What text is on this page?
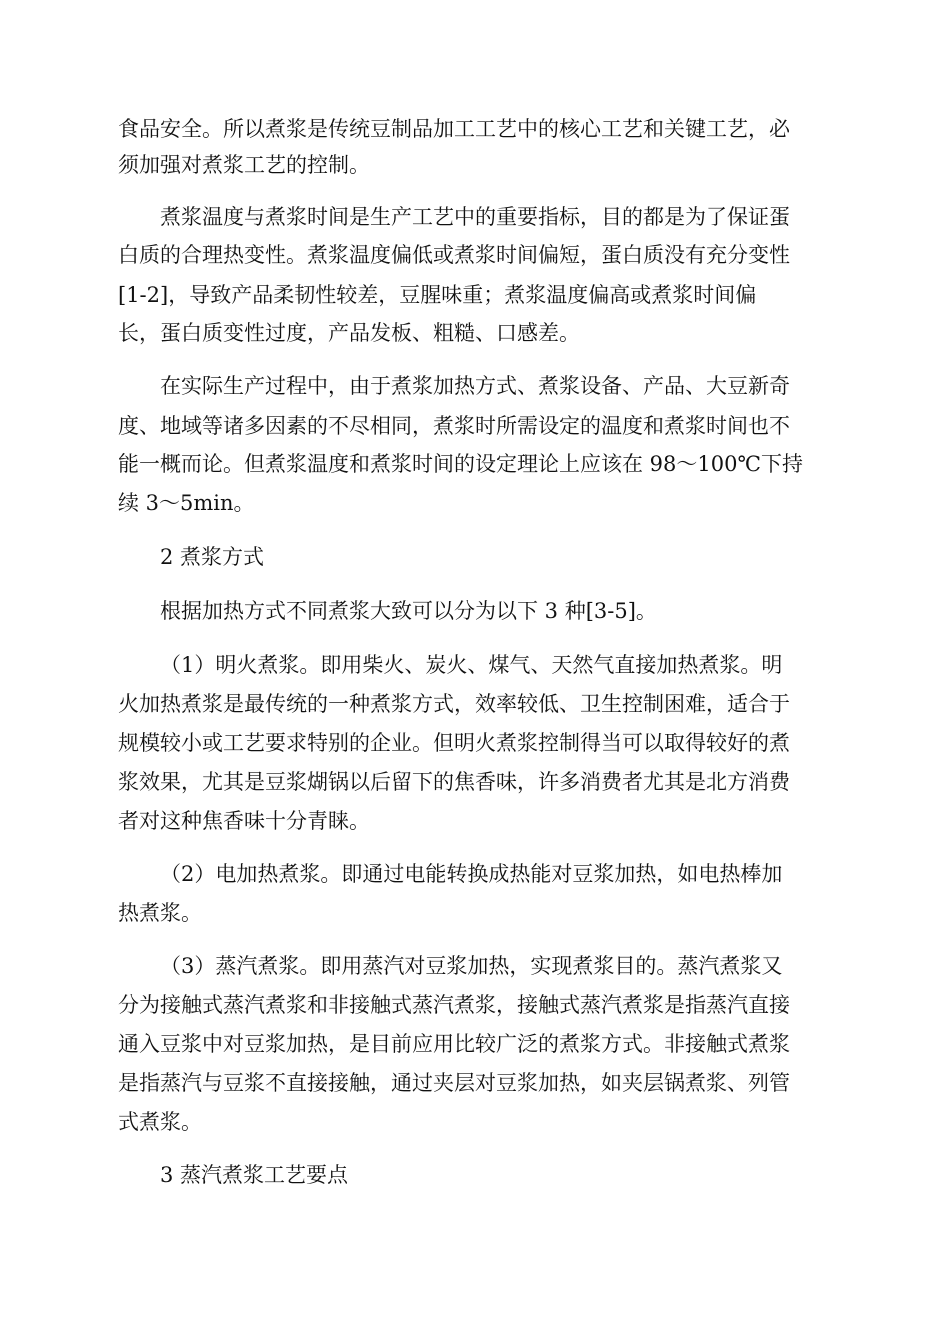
食品安全。所以煮浆是传统豆制品加工工艺中的核心工艺和关键工艺，必
须加强对煮浆工艺的控制。
煮浆温度与煮浆时间是生产工艺中的重要指标，目的都是为了保证蛋
白质的合理热变性。煮浆温度偏低或煮浆时间偏短，蛋白质没有充分变性
[1-2]，导致产品柔韧性较差，豆腥味重；煮浆温度偏高或煮浆时间偏
长，蛋白质变性过度，产品发板、粗糙、口感差。
在实际生产过程中，由于煮浆加热方式、煮浆设备、产品、大豆新奇
度、地域等诸多因素的不尽相同，煮浆时所需设定的温度和煮浆时间也不
能一概而论。但煮浆温度和煮浆时间的设定理论上应该在 98～100℃下持
续 3～5min。
2 煮浆方式
根据加热方式不同煮浆大致可以分为以下 3 种[3-5]。
（1）明火煮浆。即用柴火、炭火、煤气、天然气直接加热煮浆。明
火加热煮浆是最传统的一种煮浆方式，效率较低、卫生控制困难，适合于
规模较小或工艺要求特别的企业。但明火煮浆控制得当可以取得较好的煮
浆效果，尤其是豆浆煳锅以后留下的焦香味，许多消费者尤其是北方消费
者对这种焦香味十分青睐。
（2）电加热煮浆。即通过电能转换成热能对豆浆加热，如电热棒加
热煮浆。
（3）蒸汽煮浆。即用蒸汽对豆浆加热，实现煮浆目的。蒸汽煮浆又
分为接触式蒸汽煮浆和非接触式蒸汽煮浆，接触式蒸汽煮浆是指蒸汽直接
通入豆浆中对豆浆加热，是目前应用比较广泛的煮浆方式。非接触式煮浆
是指蒸汽与豆浆不直接接触，通过夹层对豆浆加热，如夹层锅煮浆、列管
式煮浆。
3 蒸汽煮浆工艺要点
